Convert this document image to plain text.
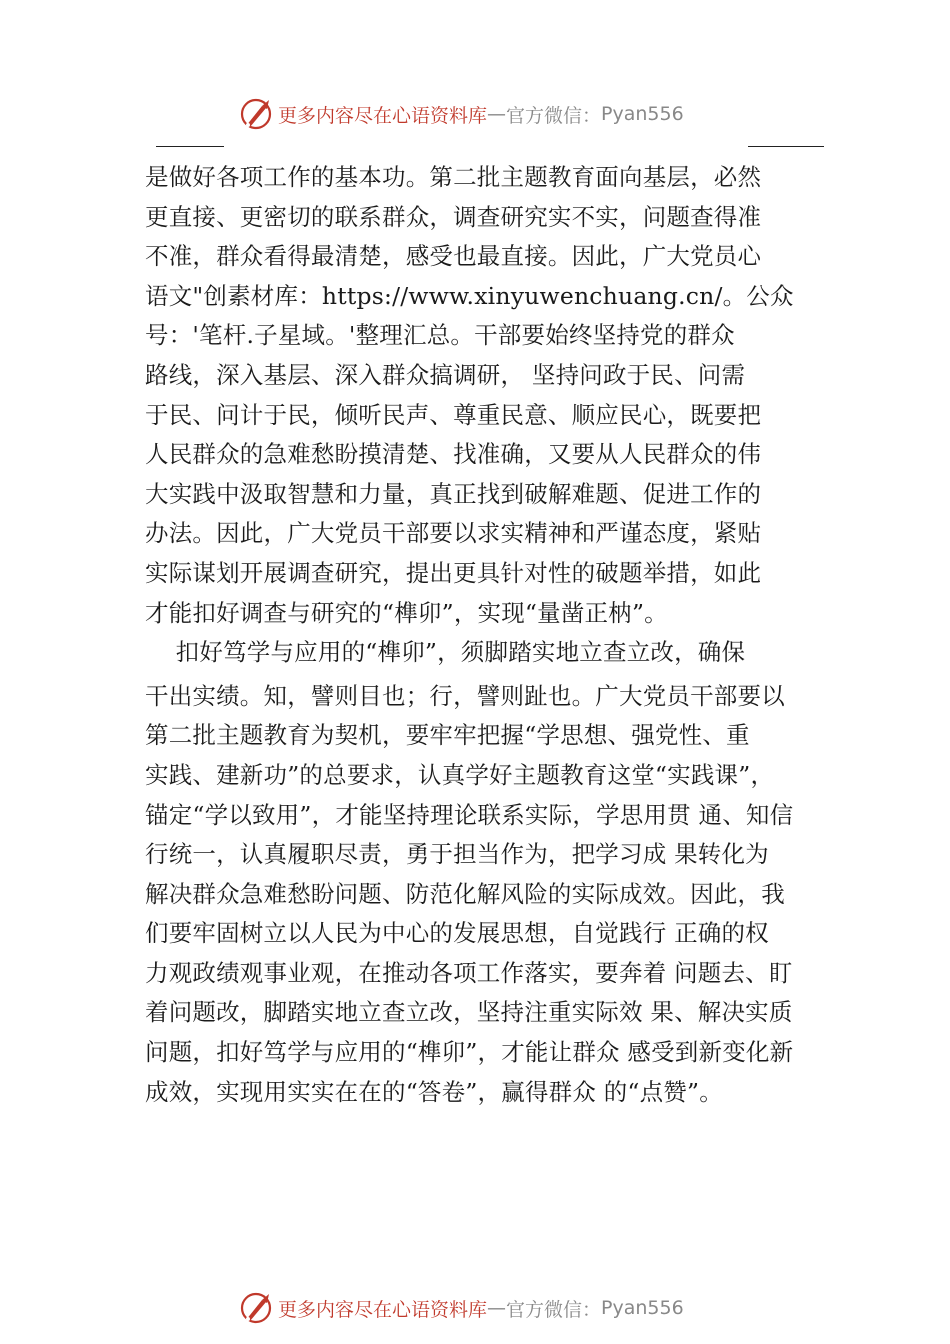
更多内容尽在心语资料库 — 官方微信： Pyan556
是做好各项工作的基本功。第二批主题教育面向基层，必然
更直接、更密切的联系群众，调查研究实不实，问题查得准
不准，群众看得最清楚，感受也最直接。因此，广大党员心
语文"创素材库：https://www.xinyuwenchuang.cn/。公众
号：'笔杆.子星域。'整理汇总。干部要始终坚持党的群众
路线，深入基层、深入群众搞调研， 坚持问政于民、问需
于民、问计于民，倾听民声、尊重民意、顺应民心，既要把
人民群众的急难愁盼摸清楚、找准确，又要从人民群众的伟
大实践中汲取智慧和力量，真正找到破解难题、促进工作的
办法。因此，广大党员干部要以求实精神和严谨态度，紧贴
实际谋划开展调查研究，提出更具针对性的破题举措，如此
才能扣好调查与研究的“榫卯”，实现“量凿正枘”。
扣好笃学与应用的“榫卯”，须脚踏实地立查立改，确保
干出实绩。知，譬则目也；行，譬则趾也。广大党员干部要以
第二批主题教育为契机，要牢牢把握“学思想、强党性、重
实践、建新功”的总要求，认真学好主题教育这堂“实践课”，
锚定“学以致用”，才能坚持理论联系实际，学思用贯 通、知信
行统一，认真履职尽责，勇于担当作为，把学习成 果转化为
解决群众急难愁盼问题、防范化解风险的实际成效。因此，我
们要牢固树立以人民为中心的发展思想，自觉践行 正确的权
力观政绩观事业观，在推动各项工作落实，要奔着 问题去、盯
着问题改，脚踏实地立查立改，坚持注重实际效 果、解决实质
问题，扣好笃学与应用的“榫卯”，才能让群众 感受到新变化新
成效，实现用实实在在的“答卷”，赢得群众 的“点赞”。
更多内容尽在心语资料库 — 官方微信： Pyan556
